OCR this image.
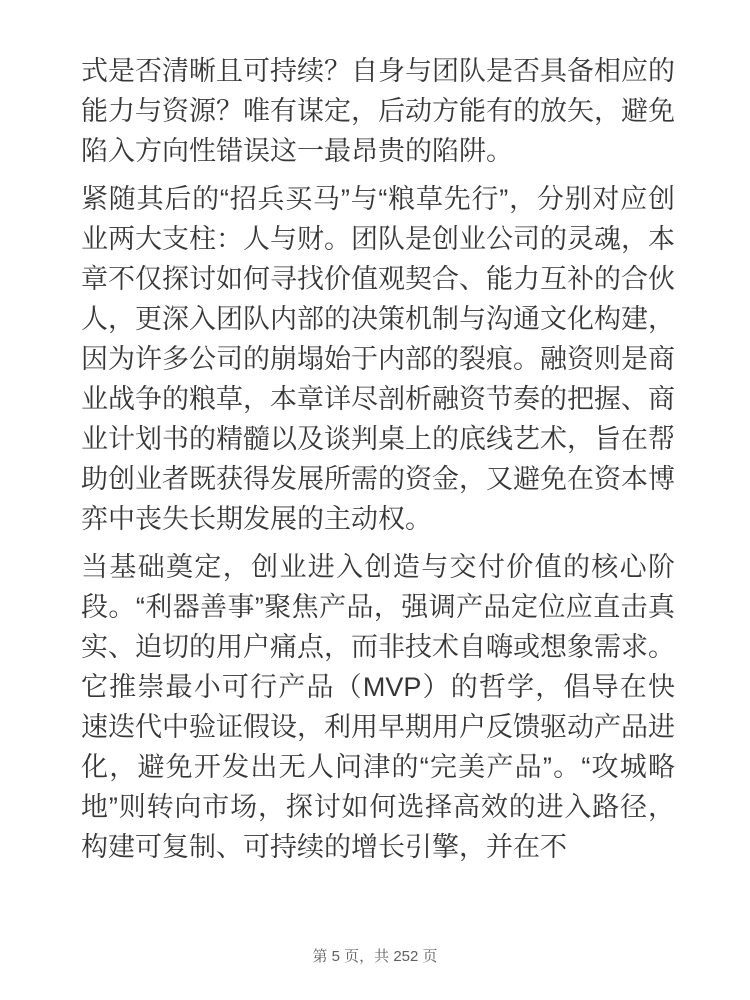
式是否清晰且可持续？自身与团队是否具备相应的能力与资源？唯有谋定，后动方能有的放矢，避免陷入方向性错误这一最昂贵的陷阱。

紧随其后的“招兵买马”与“粮草先行”，分别对应创业两大支柱：人与财。团队是创业公司的灵魂，本章不仅探讨如何寻找价值观契合、能力互补的合伙人，更深入团队内部的决策机制与沟通文化构建，因为许多公司的崩塌始于内部的裂痕。融资则是商业战争的粮草，本章详尽剖析融资节奏的把握、商业计划书的精髓以及谈判桌上的底线艺术，旨在帮助创业者既获得发展所需的资金，又避免在资本博弈中丧失长期发展的主动权。

当基础奠定，创业进入创造与交付价值的核心阶段。“利器善事”聚焦产品，强调产品定位应直击真实、迫切的用户痛点，而非技术自嗨或想象需求。它推崇最小可行产品（MVP）的哲学，倡导在快速迭代中验证假设，利用早期用户反馈驱动产品进化，避免开发出无人问津的“完美产品”。“攻城略地”则转向市场，探讨如何选择高效的进入路径，构建可复制、可持续的增长引擎，并在不

第 5 页，共 252 页
